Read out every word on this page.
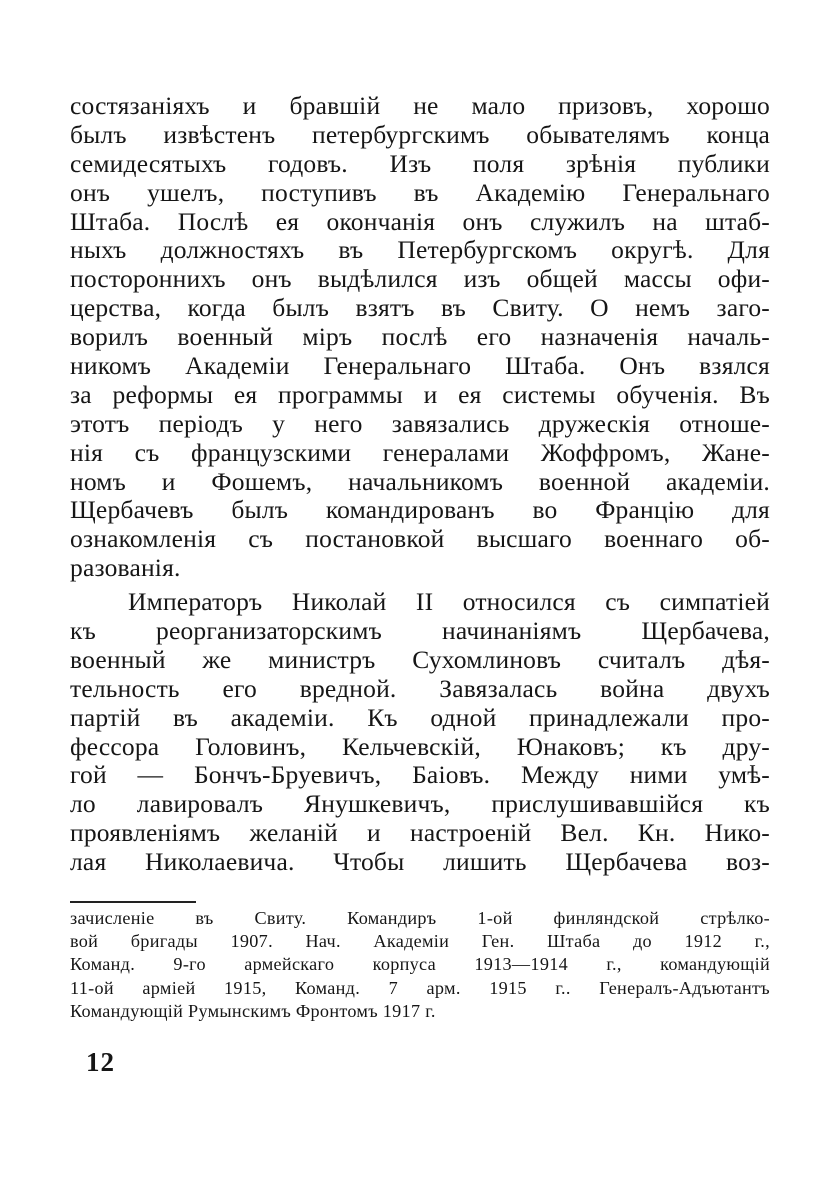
состязаніяхъ и бравшій не мало призовъ, хорошо
былъ извѣстенъ петербургскимъ обывателямъ конца
семидесятыхъ годовъ. Изъ поля зрѣнія публики
онъ ушелъ, поступивъ въ Академію Генеральнаго
Штаба. Послѣ ея окончанія онъ служилъ на штаб-
ныхъ должностяхъ въ Петербургскомъ округѣ. Для
постороннихъ онъ выдѣлился изъ общей массы офи-
церства, когда былъ взятъ въ Свиту. О немъ заго-
ворилъ военный міръ послѣ его назначенія началь-
никомъ Академіи Генеральнаго Штаба. Онъ взялся
за реформы ея программы и ея системы обученія. Въ
этотъ періодъ у него завязались дружескія отноше-
нія съ французскими генералами Жоффромъ, Жане-
номъ и Фошемъ, начальникомъ военной академіи.
Щербачевъ былъ командированъ во Францію для
ознакомленія съ постановкой высшаго военнаго об-
разованія.
Императоръ Николай II относился съ симпатіей
къ реорганизаторскимъ начинаніямъ Щербачева,
военный же министръ Сухомлиновъ считалъ дѣя-
тельность его вредной. Завязалась война двухъ
партій въ академіи. Къ одной принадлежали про-
фессора Головинъ, Кельчевскій, Юнаковъ; къ дру-
гой — Бончъ-Бруевичъ, Баіовъ. Между ними умѣ-
ло лавировалъ Янушкевичъ, прислушивавшійся къ
проявленіямъ желаній и настроеній Вел. Кн. Нико-
лая Николаевича. Чтобы лишить Щербачева воз-
зачисленіе въ Свиту. Командиръ 1-ой финляндской стрѣлко-
вой бригады 1907. Нач. Академіи Ген. Штаба до 1912 г.,
Команд. 9-го армейскаго корпуса 1913—1914 г., командующій
11-ой арміей 1915, Команд. 7 арм. 1915 г.. Генералъ-Адъютантъ
Командующій Румынскимъ Фронтомъ 1917 г.
12
